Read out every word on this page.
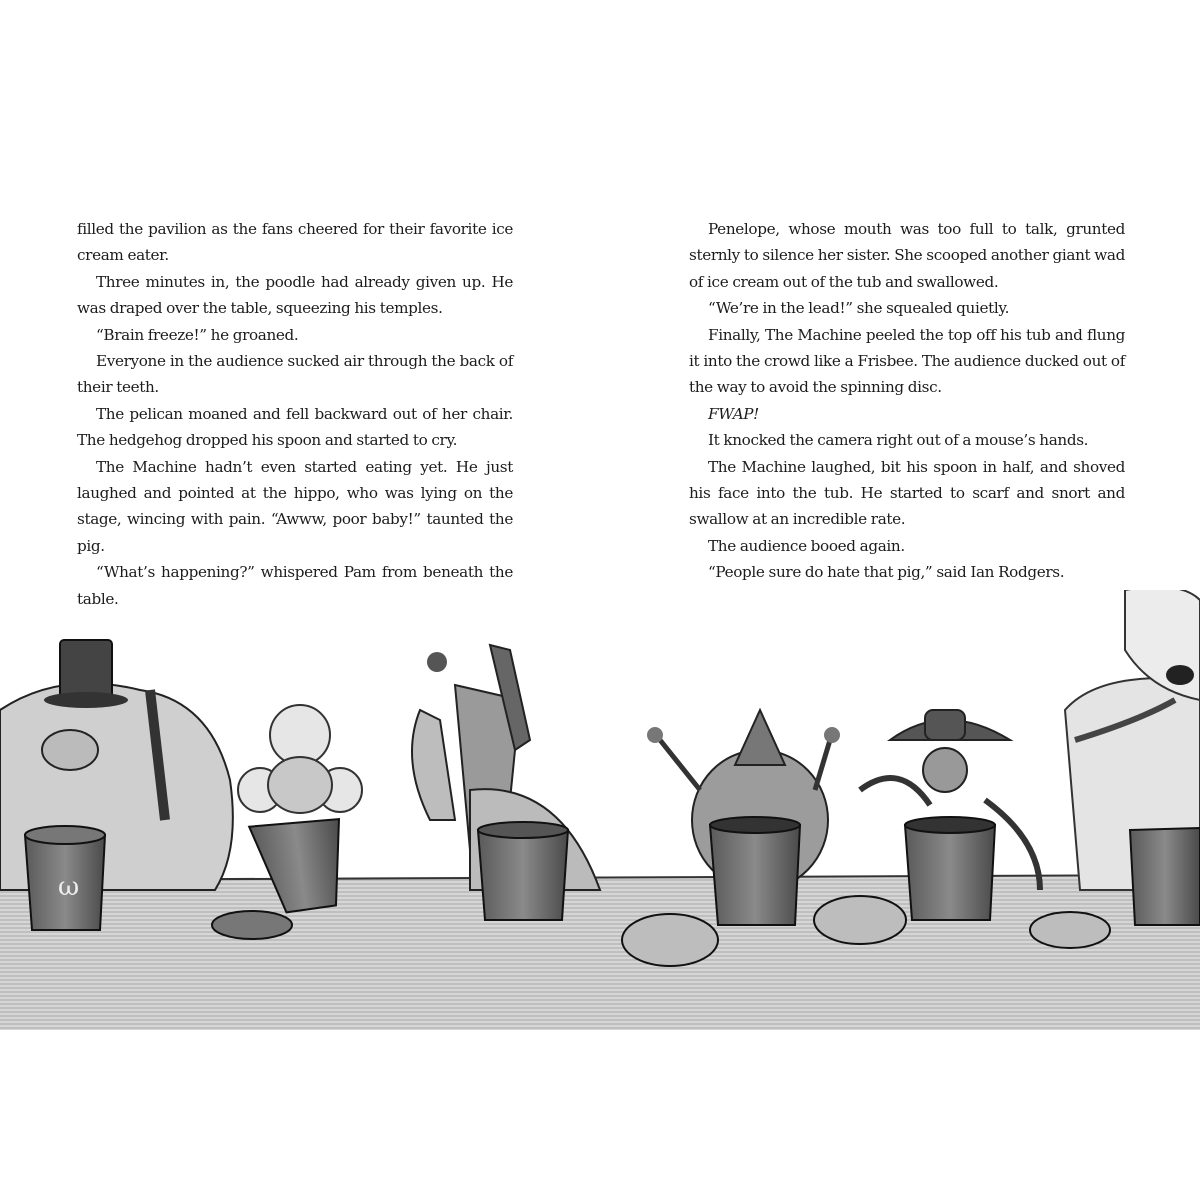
filled the pavilion as the fans cheered for their favorite ice cream eater.

Three minutes in, the poodle had already given up. He was draped over the table, squeezing his temples.

“Brain freeze!” he groaned.

Everyone in the audience sucked air through the back of their teeth.

The pelican moaned and fell backward out of her chair. The hedgehog dropped his spoon and started to cry.

The Machine hadn’t even started eating yet. He just laughed and pointed at the hippo, who was lying on the stage, wincing with pain. “Awww, poor baby!” taunted the pig.

“What’s happening?” whispered Pam from beneath the table.

Penelope, whose mouth was too full to talk, grunted sternly to silence her sister. She scooped another giant wad of ice cream out of the tub and swallowed.

“We’re in the lead!” she squealed quietly.

Finally, The Machine peeled the top off his tub and flung it into the crowd like a Frisbee. The audience ducked out of the way to avoid the spinning disc.

FWAP!

It knocked the camera right out of a mouse’s hands.

The Machine laughed, bit his spoon in half, and shoved his face into the tub. He started to scarf and snort and swallow at an incredible rate.

The audience booed again.

“People sure do hate that pig,” said Ian Rodgers.

ω
